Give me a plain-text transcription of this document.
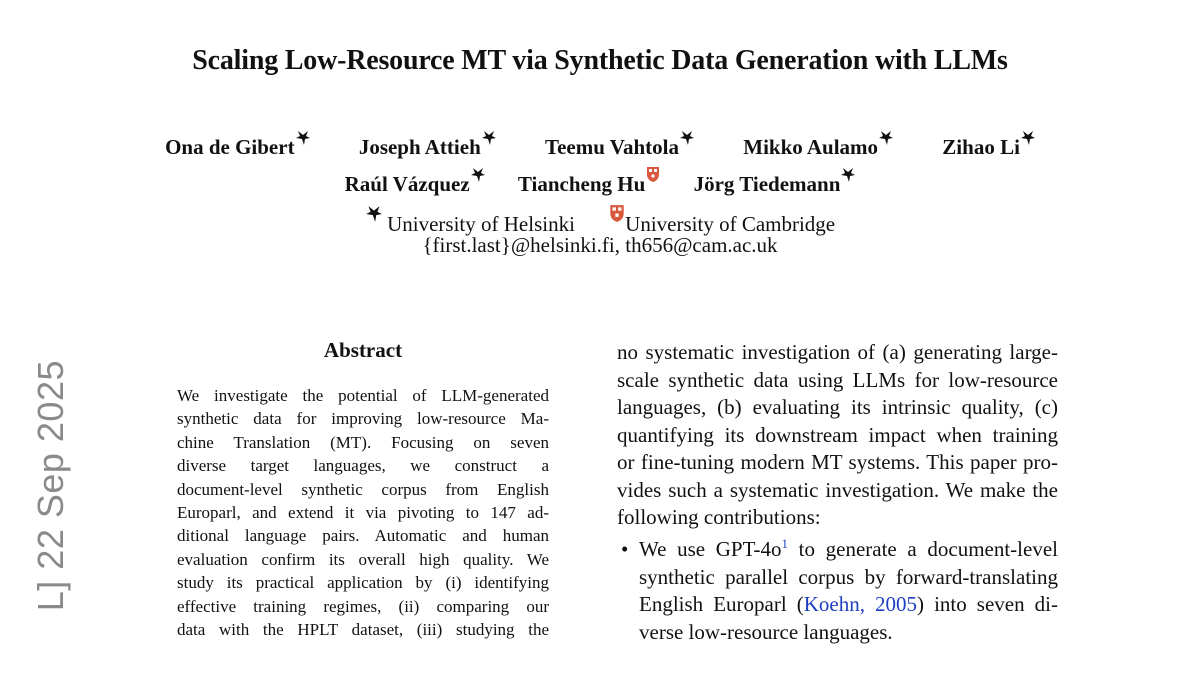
Scaling Low-Resource MT via Synthetic Data Generation with LLMs
Ona de Gibert	Joseph Attieh	Teemu Vahtola	Mikko Aulamo	Zihao Li
Raúl Vázquez Tiancheng Hu Jörg Tiedemann
University of Helsinki University of Cambridge
{first.last}@helsinki.fi, th656@cam.ac.uk
L] 22 Sep 2025
Abstract
We investigate the potential of LLM-generated
synthetic data for improving low-resource Ma-
chine Translation (MT). Focusing on seven
diverse target languages, we construct a
document-level synthetic corpus from English
Europarl, and extend it via pivoting to 147 ad-
ditional language pairs. Automatic and human
evaluation confirm its overall high quality. We
study its practical application by (i) identifying
effective training regimes, (ii) comparing our
data with the HPLT dataset, (iii) studying the
no systematic investigation of (a) generating large-
scale synthetic data using LLMs for low-resource
languages, (b) evaluating its intrinsic quality, (c)
quantifying its downstream impact when training
or fine-tuning modern MT systems. This paper pro-
vides such a systematic investigation. We make the
following contributions:
• We use GPT-$4o^1$ to generate a document-level
synthetic parallel corpus by forward-translating
English Europarl (Koehn, 2005) into seven di-
verse low-resource languages.
